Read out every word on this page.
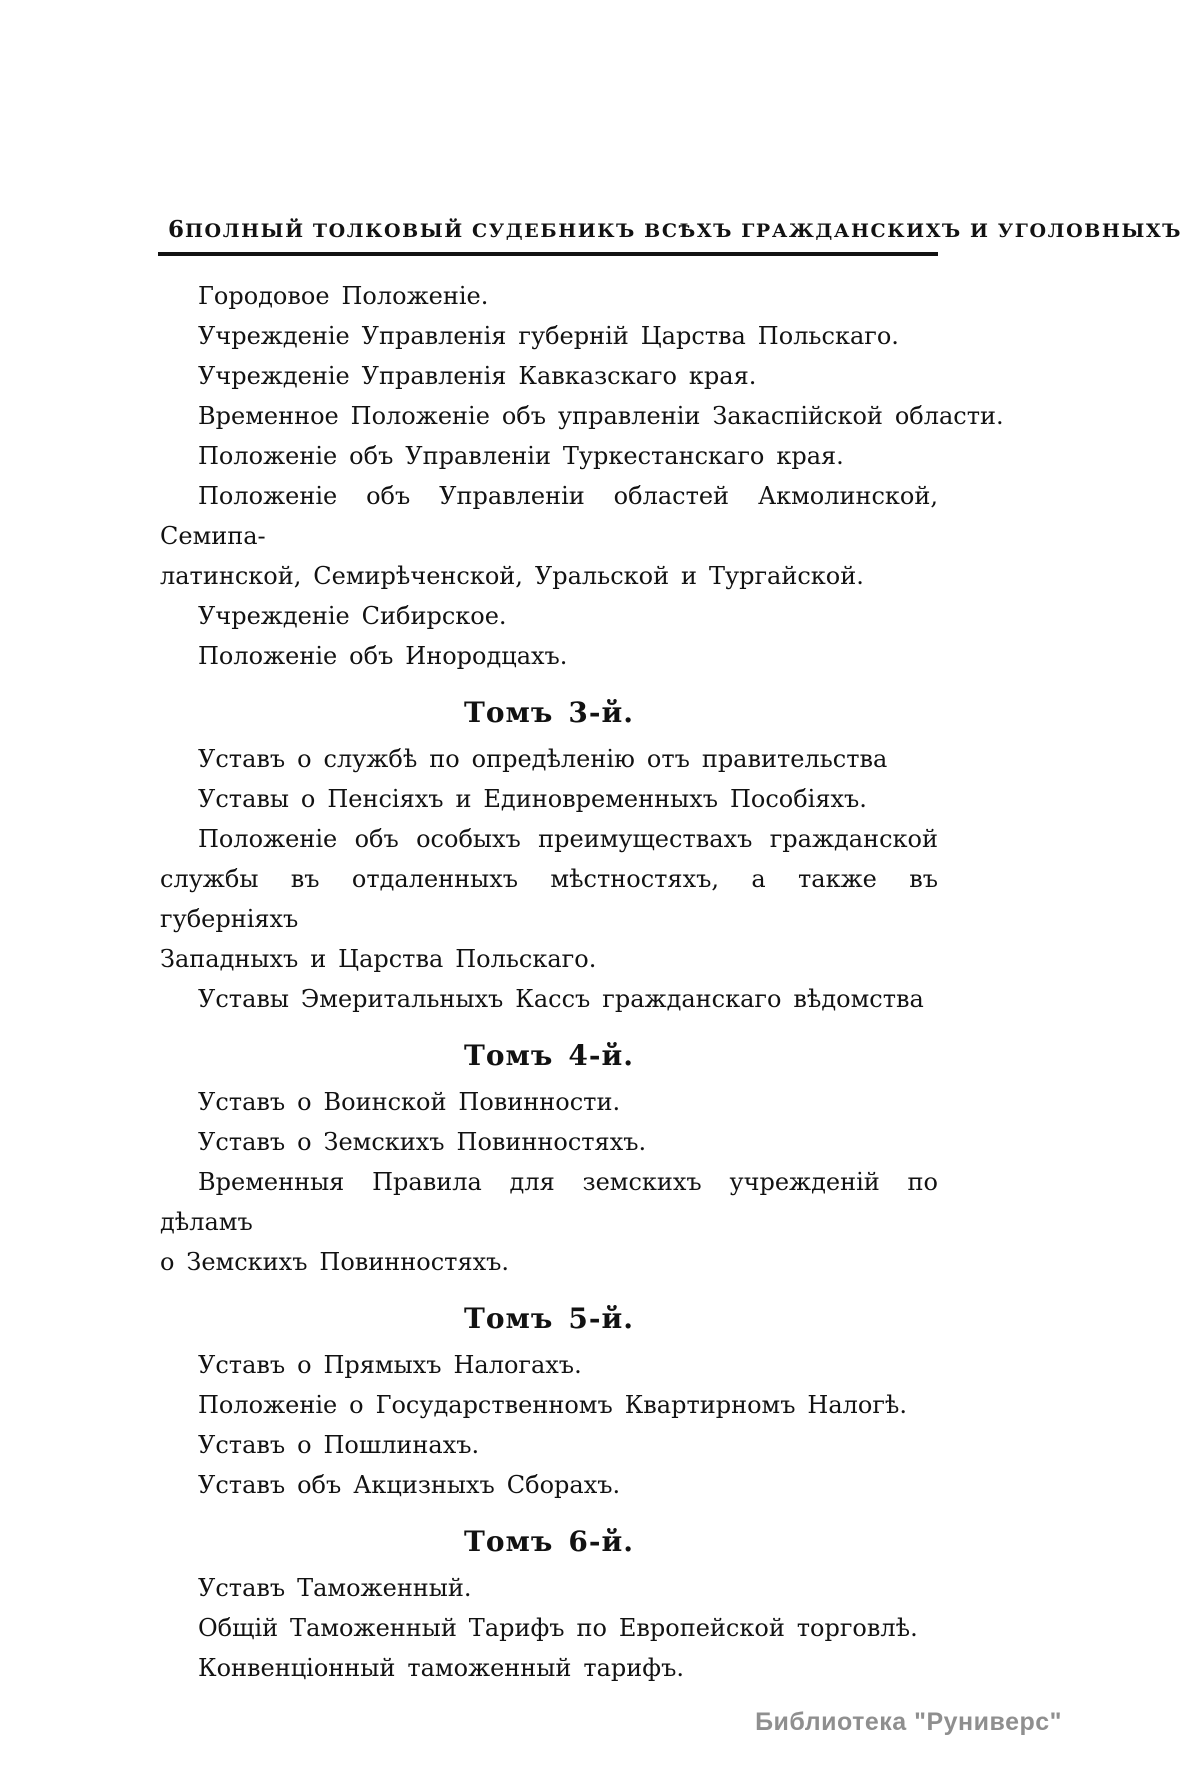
6 ПОЛНЫЙ ТОЛКОВЫЙ СУДЕБНИКЪ ВСѢХЪ ГРАЖДАНСКИХЪ И УГОЛОВНЫХЪ
Городовое Положеніе.
Учрежденіе Управленія губерній Царства Польскаго.
Учрежденіе Управленія Кавказскаго края.
Временное Положеніе объ управленіи Закаспійской области.
Положеніе объ Управленіи Туркестанскаго края.
Положеніе объ Управленіи областей Акмолинской, Семипа-
латинской, Семирѣченской, Уральской и Тургайской.
Учрежденіе Сибирское.
Положеніе объ Инородцахъ.
Томъ 3-й.
Уставъ о службѣ по опредѣленію отъ правительства
Уставы о Пенсіяхъ и Единовременныхъ Пособіяхъ.
Положеніе объ особыхъ преимуществахъ гражданской
службы въ отдаленныхъ мѣстностяхъ, а также въ губерніяхъ
Западныхъ и Царства Польскаго.
Уставы Эмеритальныхъ Кассъ гражданскаго вѣдомства
Томъ 4-й.
Уставъ о Воинской Повинности.
Уставъ о Земскихъ Повинностяхъ.
Временныя Правила для земскихъ учрежденій по дѣламъ
о Земскихъ Повинностяхъ.
Томъ 5-й.
Уставъ о Прямыхъ Налогахъ.
Положеніе о Государственномъ Квартирномъ Налогѣ.
Уставъ о Пошлинахъ.
Уставъ объ Акцизныхъ Сборахъ.
Томъ 6-й.
Уставъ Таможенный.
Общій Таможенный Тарифъ по Европейской торговлѣ.
Конвенціонный таможенный тарифъ.
Библиотека "Руниверс"
